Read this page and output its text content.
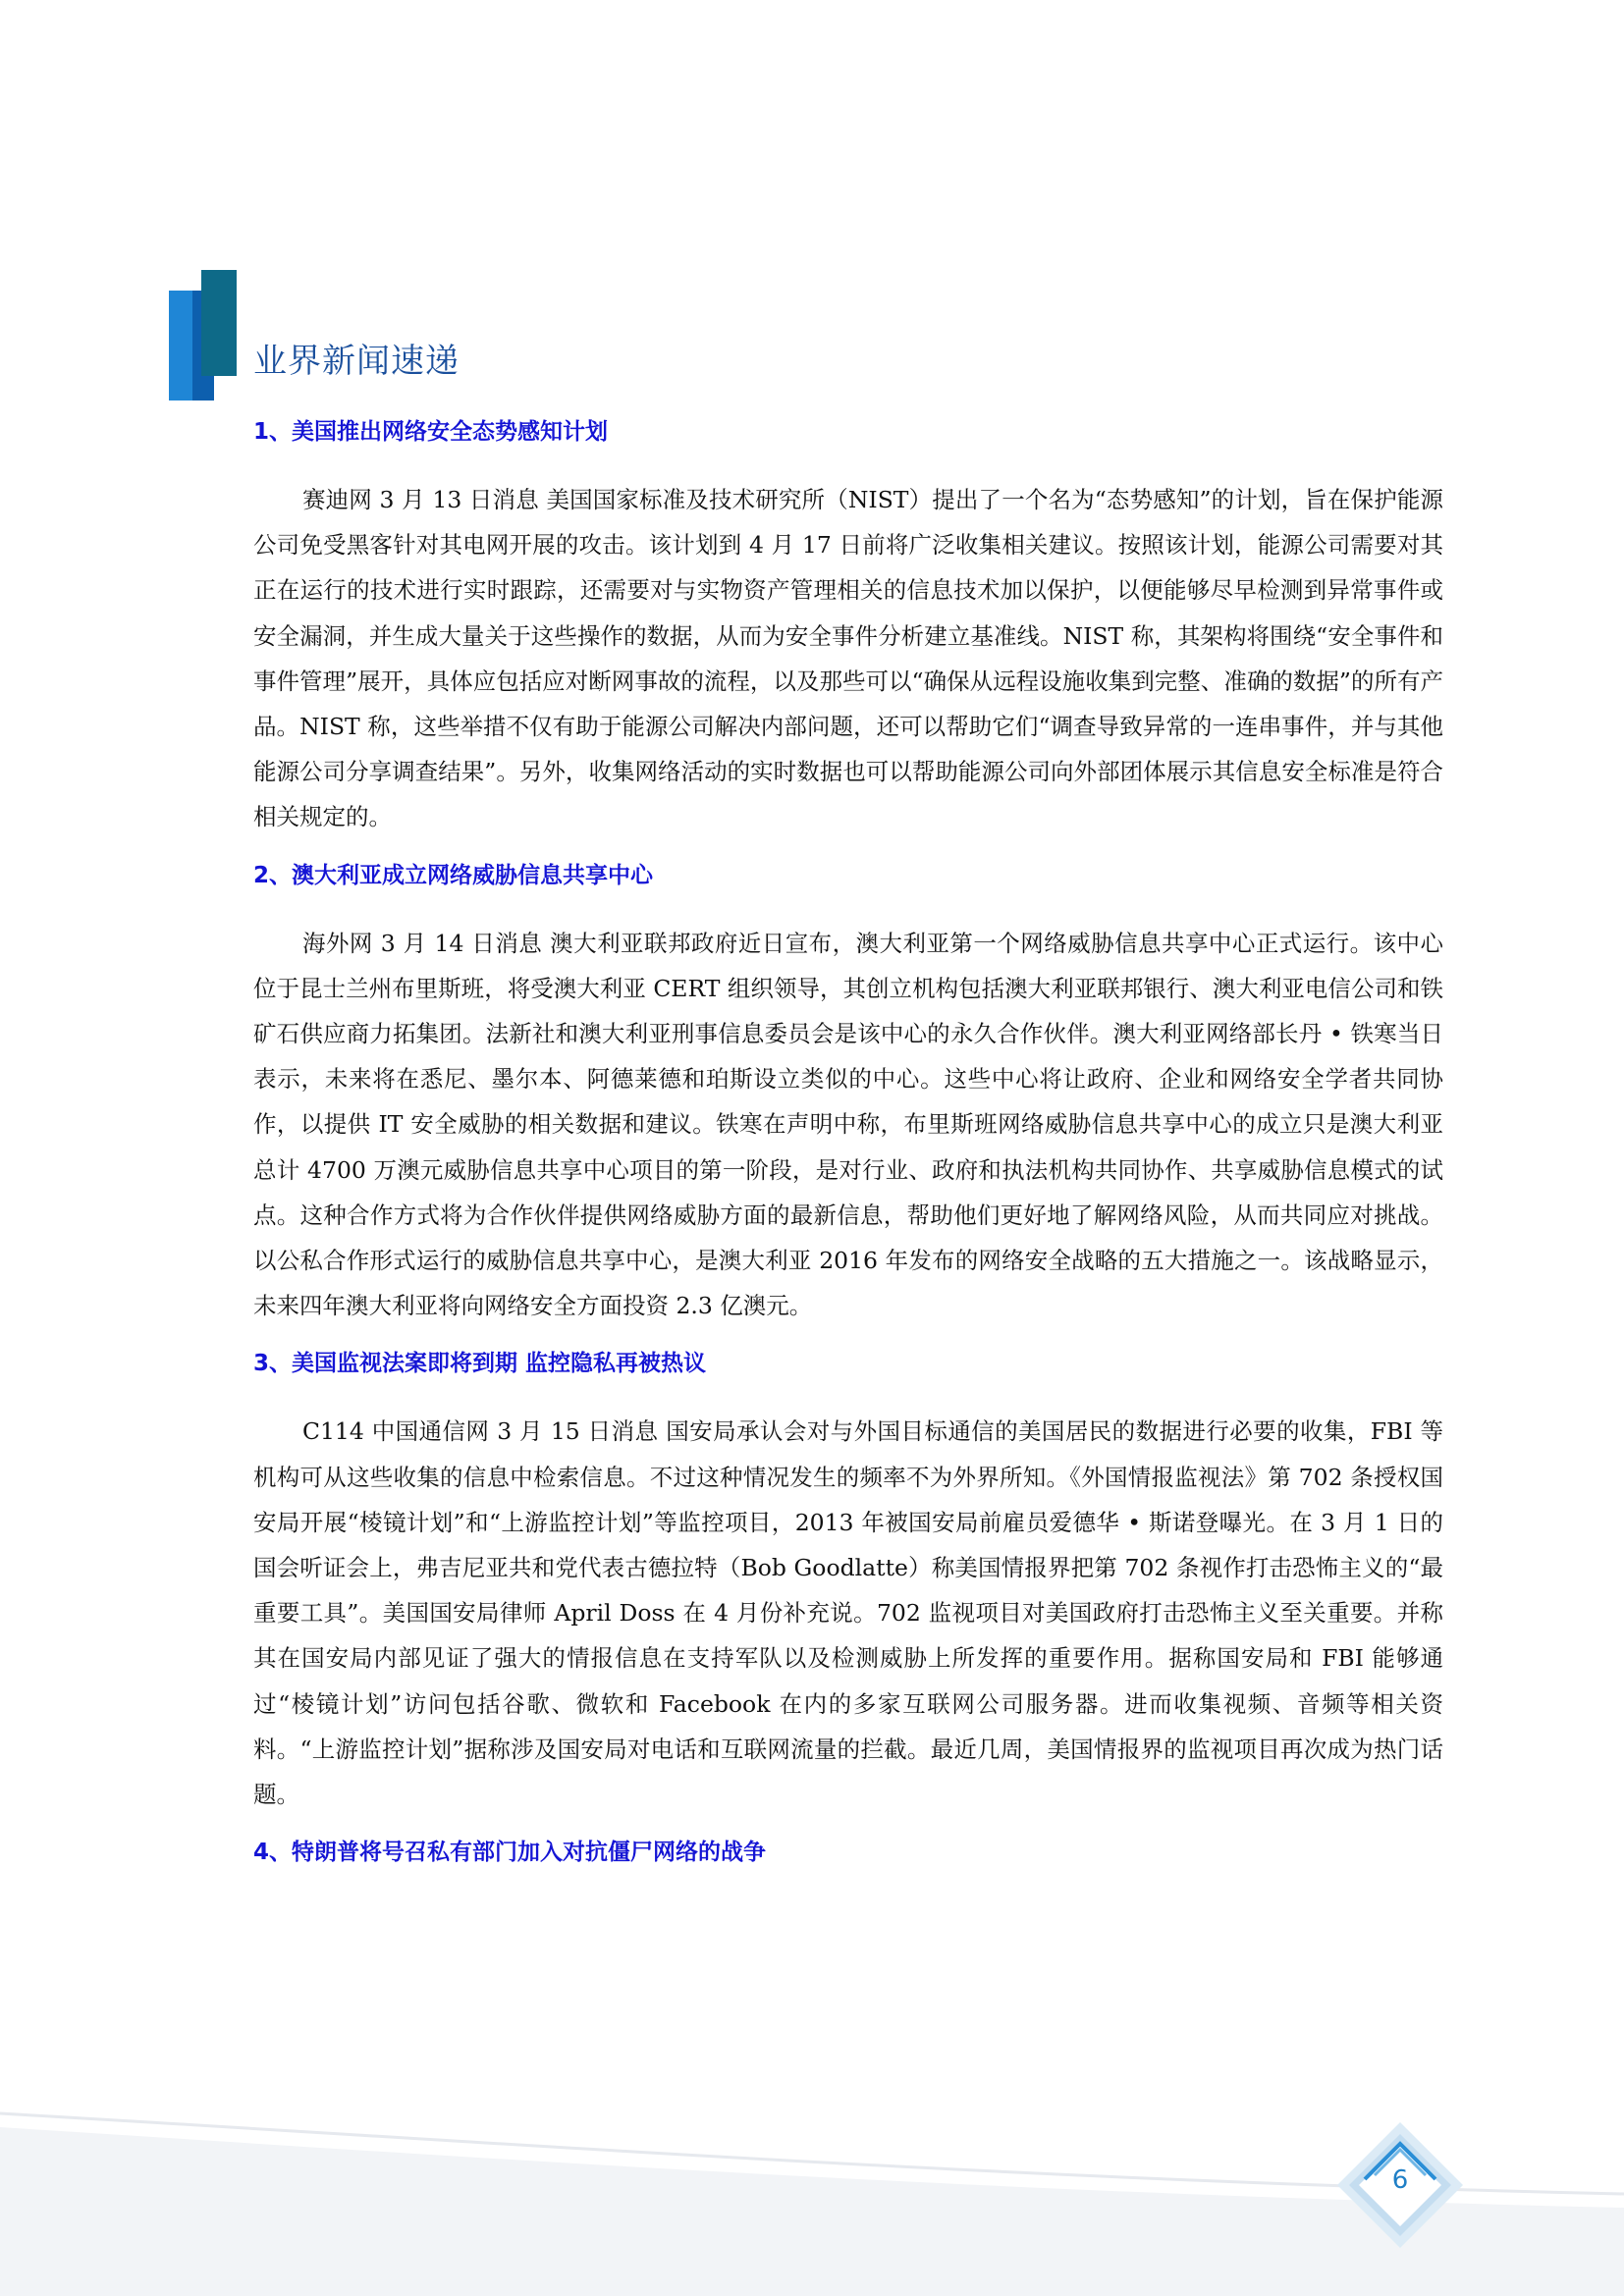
业界新闻速递
1、美国推出网络安全态势感知计划

赛迪网 3 月 13 日消息 美国国家标准及技术研究所（NIST）提出了一个名为“态势感知”的计划，旨在保护能源公司免受黑客针对其电网开展的攻击。该计划到 4 月 17 日前将广泛收集相关建议。按照该计划，能源公司需要对其正在运行的技术进行实时跟踪，还需要对与实物资产管理相关的信息技术加以保护，以便能够尽早检测到异常事件或安全漏洞，并生成大量关于这些操作的数据，从而为安全事件分析建立基准线。NIST 称，其架构将围绕“安全事件和事件管理”展开，具体应包括应对断网事故的流程，以及那些可以“确保从远程设施收集到完整、准确的数据”的所有产品。NIST 称，这些举措不仅有助于能源公司解决内部问题，还可以帮助它们“调查导致异常的一连串事件，并与其他能源公司分享调查结果”。另外，收集网络活动的实时数据也可以帮助能源公司向外部团体展示其信息安全标准是符合相关规定的。

2、澳大利亚成立网络威胁信息共享中心

海外网 3 月 14 日消息 澳大利亚联邦政府近日宣布，澳大利亚第一个网络威胁信息共享中心正式运行。该中心位于昆士兰州布里斯班，将受澳大利亚 CERT 组织领导，其创立机构包括澳大利亚联邦银行、澳大利亚电信公司和铁矿石供应商力拓集团。法新社和澳大利亚刑事信息委员会是该中心的永久合作伙伴。澳大利亚网络部长丹 • 铁寒当日表示，未来将在悉尼、墨尔本、阿德莱德和珀斯设立类似的中心。这些中心将让政府、企业和网络安全学者共同协作，以提供 IT 安全威胁的相关数据和建议。铁寒在声明中称，布里斯班网络威胁信息共享中心的成立只是澳大利亚总计 4700 万澳元威胁信息共享中心项目的第一阶段，是对行业、政府和执法机构共同协作、共享威胁信息模式的试点。这种合作方式将为合作伙伴提供网络威胁方面的最新信息，帮助他们更好地了解网络风险，从而共同应对挑战。以公私合作形式运行的威胁信息共享中心，是澳大利亚 2016 年发布的网络安全战略的五大措施之一。该战略显示，未来四年澳大利亚将向网络安全方面投资 2.3 亿澳元。

3、美国监视法案即将到期 监控隐私再被热议

C114 中国通信网 3 月 15 日消息 国安局承认会对与外国目标通信的美国居民的数据进行必要的收集，FBI 等机构可从这些收集的信息中检索信息。不过这种情况发生的频率不为外界所知。《外国情报监视法》第 702 条授权国安局开展“棱镜计划”和“上游监控计划”等监控项目，2013 年被国安局前雇员爱德华 • 斯诺登曝光。在 3 月 1 日的国会听证会上，弗吉尼亚共和党代表古德拉特（Bob Goodlatte）称美国情报界把第 702 条视作打击恐怖主义的“最重要工具”。美国国安局律师 April Doss 在 4 月份补充说。702 监视项目对美国政府打击恐怖主义至关重要。并称其在国安局内部见证了强大的情报信息在支持军队以及检测威胁上所发挥的重要作用。据称国安局和 FBI 能够通过“棱镜计划”访问包括谷歌、微软和 Facebook 在内的多家互联网公司服务器。进而收集视频、音频等相关资料。“上游监控计划”据称涉及国安局对电话和互联网流量的拦截。最近几周，美国情报界的监视项目再次成为热门话题。

4、特朗普将号召私有部门加入对抗僵尸网络的战争
6
